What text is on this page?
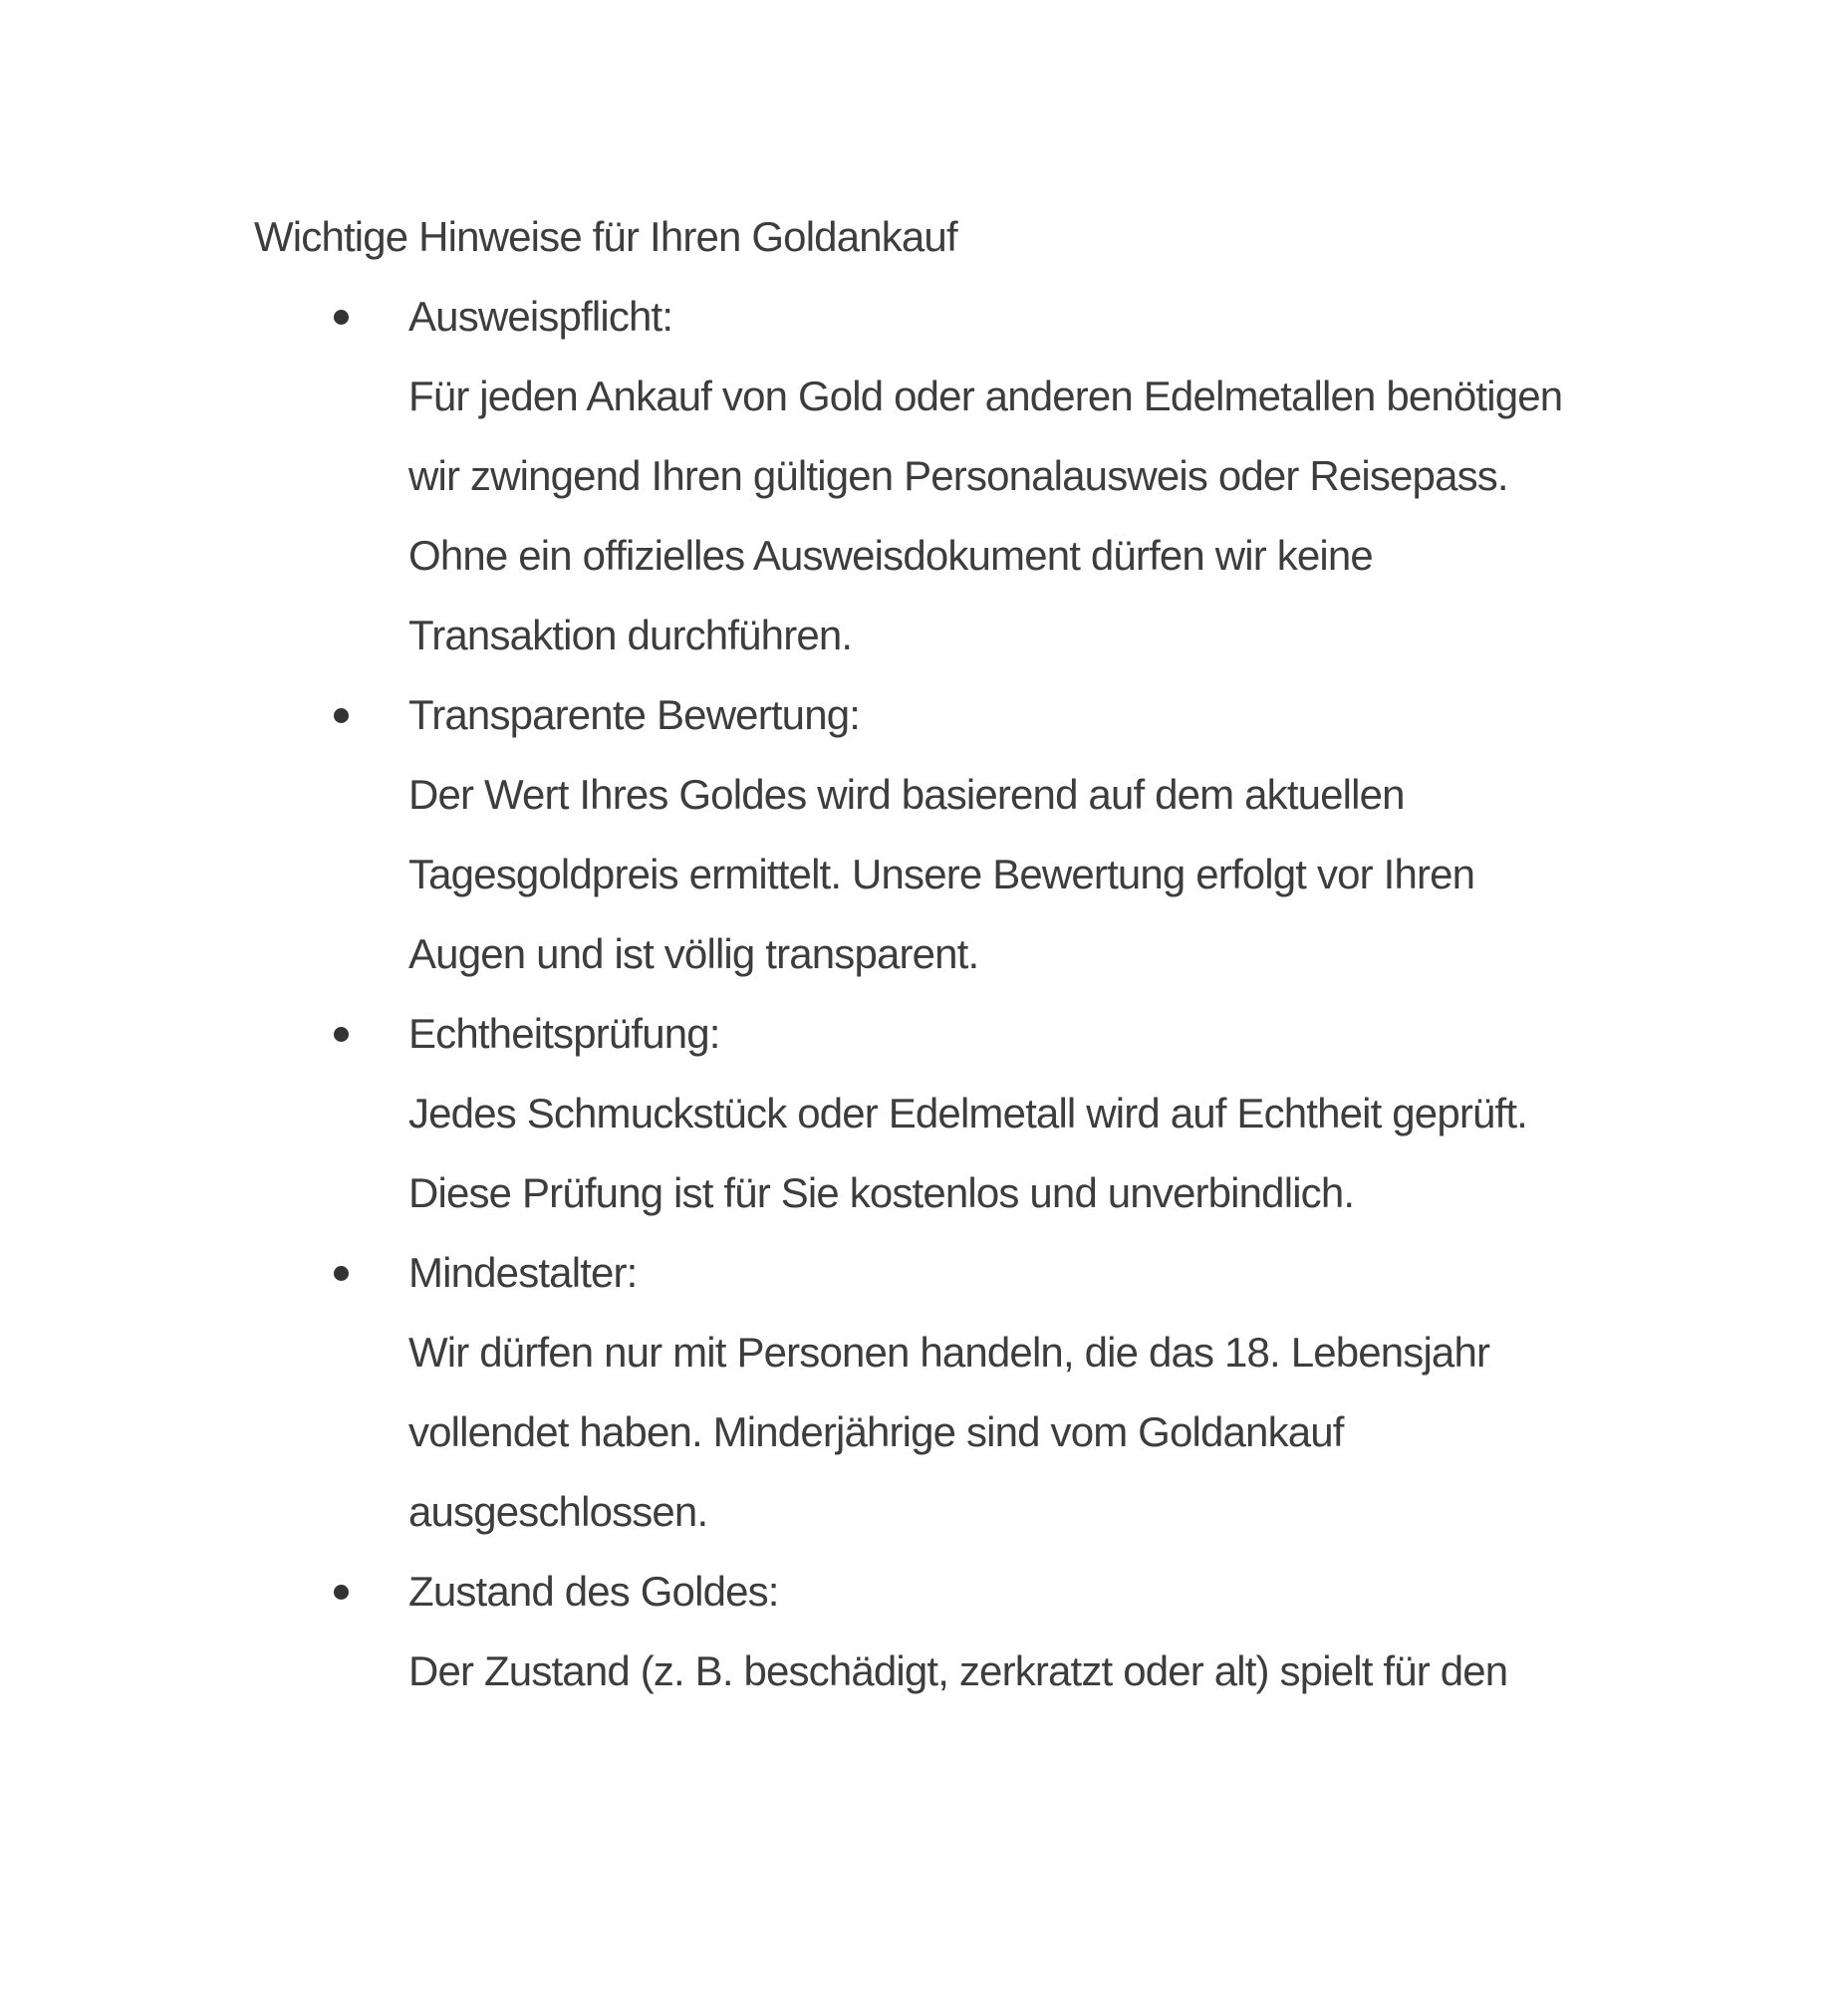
Wichtige Hinweise für Ihren Goldankauf
Ausweispflicht:
Für jeden Ankauf von Gold oder anderen Edelmetallen benötigen
wir zwingend Ihren gültigen Personalausweis oder Reisepass.
Ohne ein offizielles Ausweisdokument dürfen wir keine
Transaktion durchführen.
Transparente Bewertung:
Der Wert Ihres Goldes wird basierend auf dem aktuellen
Tagesgoldpreis ermittelt. Unsere Bewertung erfolgt vor Ihren
Augen und ist völlig transparent.
Echtheitsprüfung:
Jedes Schmuckstück oder Edelmetall wird auf Echtheit geprüft.
Diese Prüfung ist für Sie kostenlos und unverbindlich.
Mindestalter:
Wir dürfen nur mit Personen handeln, die das 18. Lebensjahr
vollendet haben. Minderjährige sind vom Goldankauf
ausgeschlossen.
Zustand des Goldes:
Der Zustand (z. B. beschädigt, zerkratzt oder alt) spielt für den
